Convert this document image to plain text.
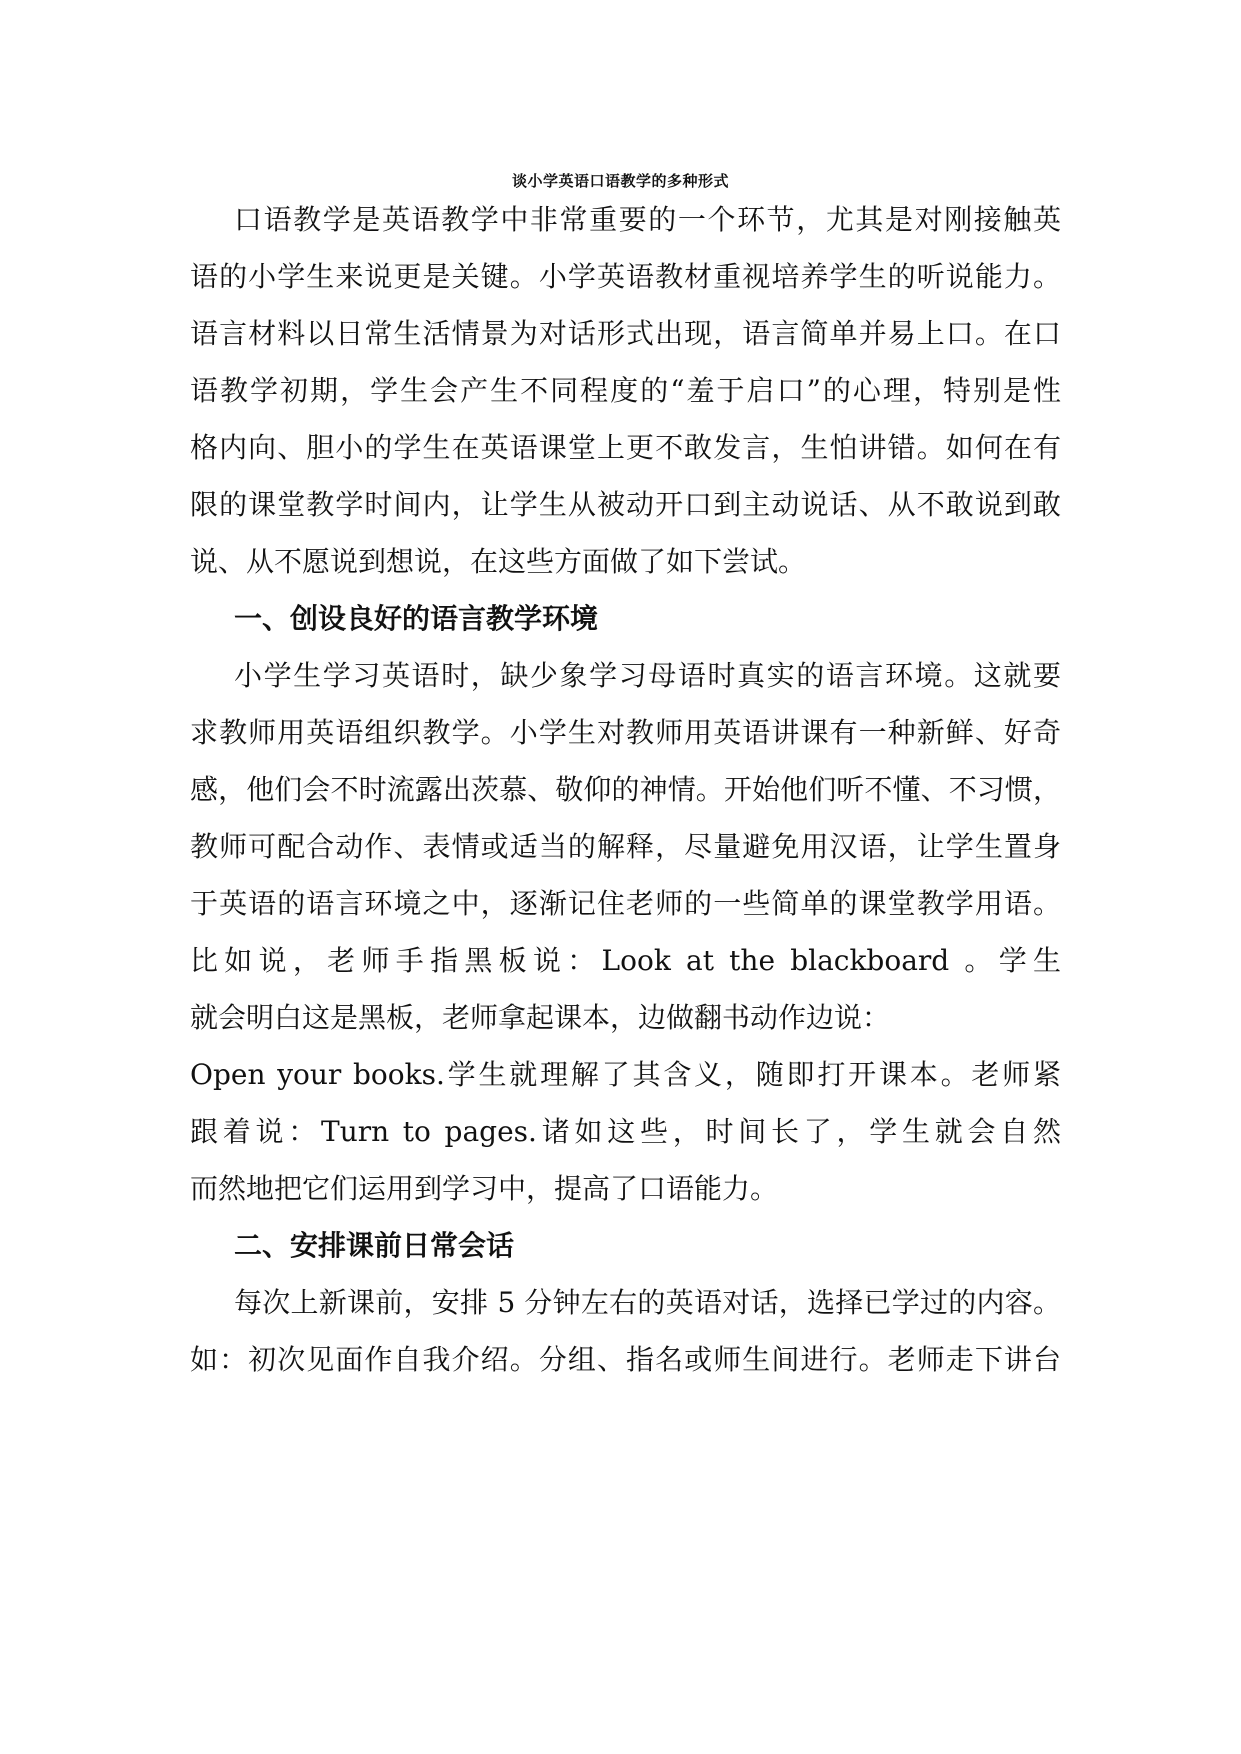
谈小学英语口语教学的多种形式
口语教学是英语教学中非常重要的一个环节，尤其是对刚接触英
语的小学生来说更是关键。小学英语教材重视培养学生的听说能力。
语言材料以日常生活情景为对话形式出现，语言简单并易上口。在口
语教学初期，学生会产生不同程度的“羞于启口”的心理，特别是性
格内向、胆小的学生在英语课堂上更不敢发言，生怕讲错。如何在有
限的课堂教学时间内，让学生从被动开口到主动说话、从不敢说到敢
说、从不愿说到想说，在这些方面做了如下尝试。
一、创设良好的语言教学环境
小学生学习英语时，缺少象学习母语时真实的语言环境。这就要
求教师用英语组织教学。小学生对教师用英语讲课有一种新鲜、好奇
感，他们会不时流露出茨慕、敬仰的神情。开始他们听不懂、不习惯，
教师可配合动作、表情或适当的解释，尽量避免用汉语，让学生置身
于英语的语言环境之中，逐渐记住老师的一些简单的课堂教学用语。
比如说，老师手指黑板说：Look at the blackboard 。学生
就会明白这是黑板，老师拿起课本，边做翻书动作边说：
Open your books.学生就理解了其含义，随即打开课本。老师紧
跟着说：Turn to pages.诸如这些，时间长了，学生就会自然
而然地把它们运用到学习中，提高了口语能力。
二、安排课前日常会话
每次上新课前，安排 5 分钟左右的英语对话，选择已学过的内容。
如：初次见面作自我介绍。分组、指名或师生间进行。老师走下讲台
